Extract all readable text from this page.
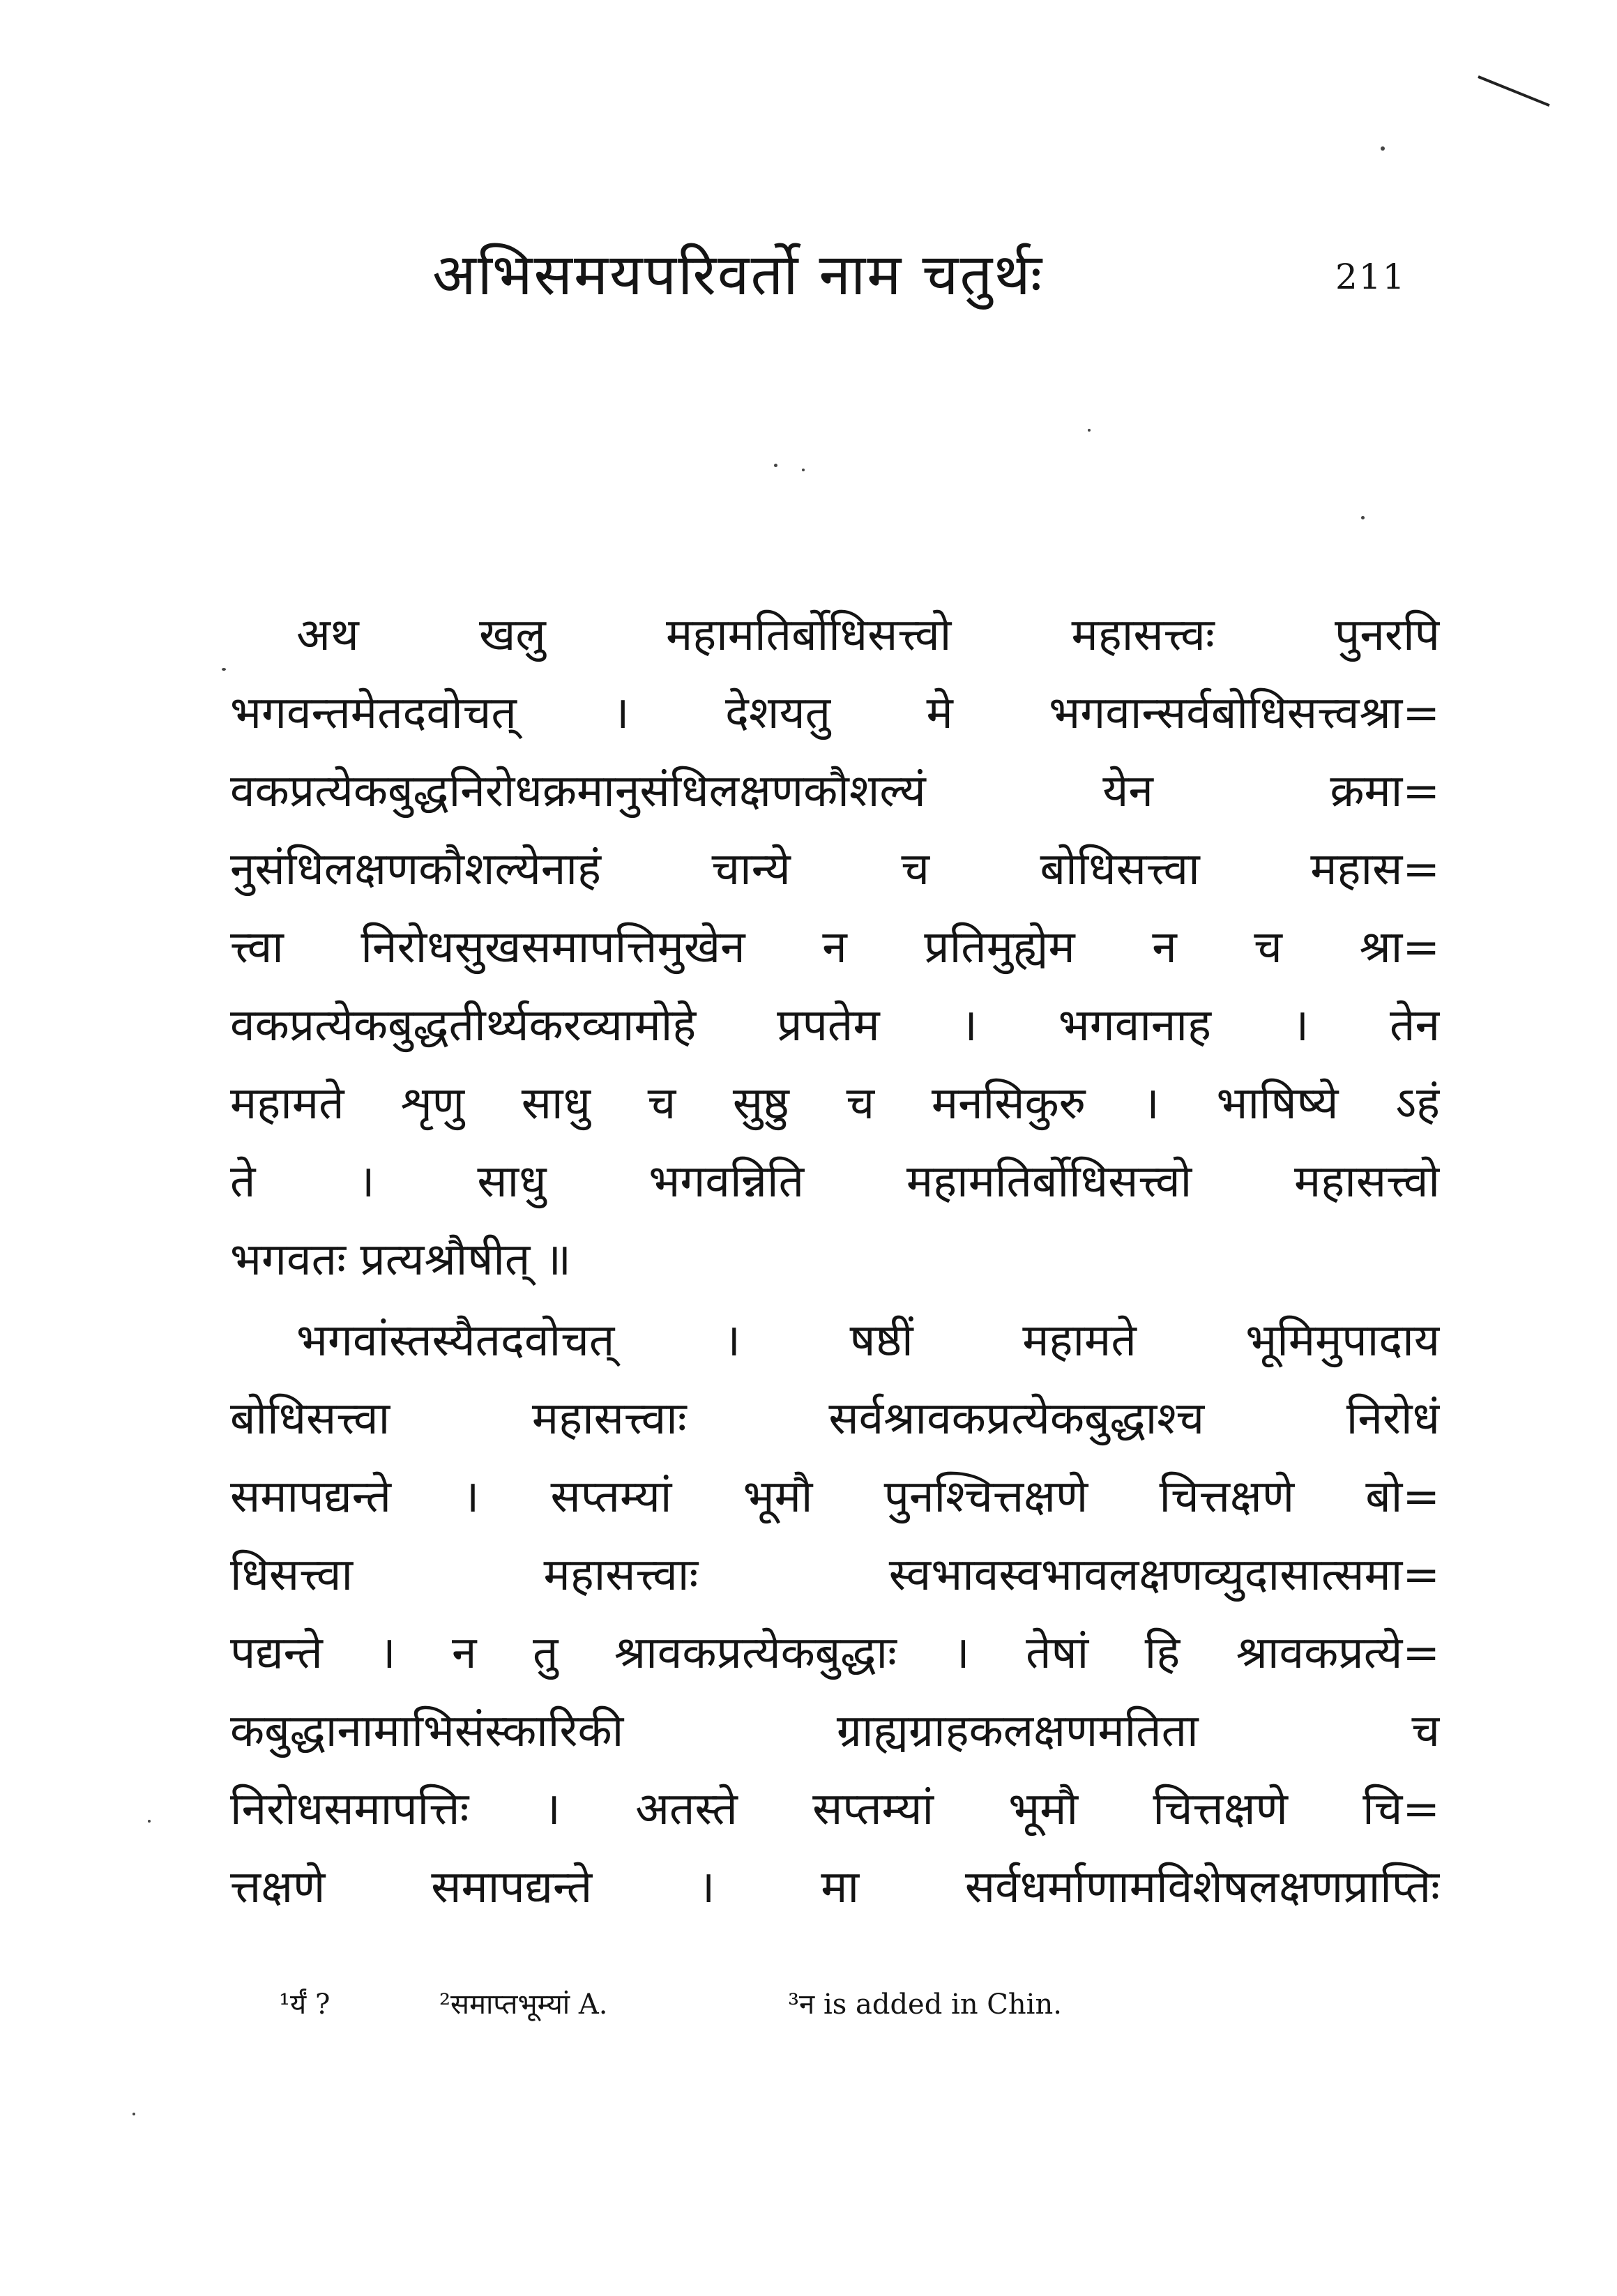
अभिसमयपरिवर्तो नाम चतुर्थः	211
अथ खलु महामतिर्बोधिसत्त्वो महासत्त्वः पुनरपि
भगवन्तमेतदवोचत् । देशयतु मे भगवान्सर्वबोधिसत्त्वश्रा=
वकप्रत्येकबुद्धनिरोधक्रमानुसंधिलक्षणकौशल्यं येन क्रमा=
नुसंधिलक्षणकौशल्येनाहं चान्ये च बोधिसत्त्वा महास=
त्त्वा निरोधसुखसमापत्तिमुखेन न प्रतिमुह्येम न च श्रा=
वकप्रत्येकबुद्धतीर्थ्यकरव्यामोहे प्रपतेम । भगवानाह । तेन
महामते शृणु साधु च सुष्ठु च मनसिकुरु । भाषिष्ये ऽहं
ते । साधु भगवन्निति महामतिर्बोधिसत्त्वो महासत्त्वो
भगवतः प्रत्यश्रौषीत् ॥
भगवांस्तस्यैतदवोचत् । षष्ठीं महामते भूमिमुपादाय
बोधिसत्त्वा महासत्त्वाः सर्वश्रावकप्रत्येकबुद्धाश्च निरोधं
समापद्यन्ते । सप्तम्यां भूमौ पुनश्चित्तक्षणे चित्तक्षणे बो=
धिसत्त्वा महासत्त्वाः स्वभावस्वभावलक्षणव्युदासात्समा=
पद्यन्ते । न तु श्रावकप्रत्येकबुद्धाः । तेषां हि श्रावकप्रत्ये=
कबुद्धानामाभिसंस्कारिकी ग्राह्यग्राहकलक्षणमतिता च
निरोधसमापत्तिः । अतस्ते सप्तम्यां भूमौ चित्तक्षणे चि=
त्तक्षणे समापद्यन्ते । मा सर्वधर्माणामविशेषलक्षणप्राप्तिः
¹र्यं ?	²समाप्तभूम्यां A.	³न is added in Chin.
